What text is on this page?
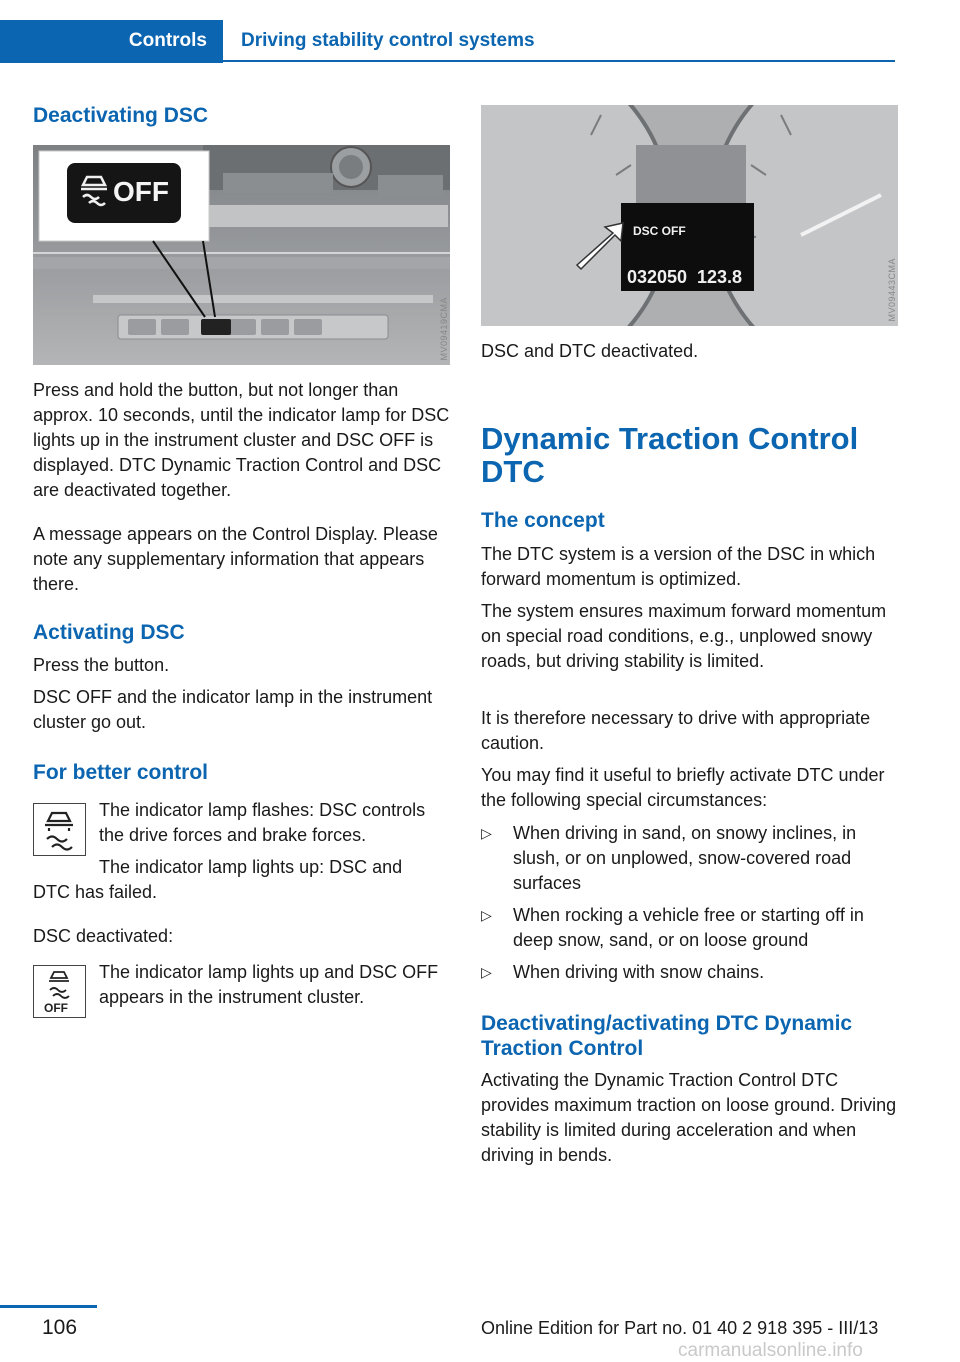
Controls Driving stability control systems
Deactivating DSC
OFF
MV09419CMA

Press and hold the button, but not longer than approx. 10 seconds, until the indicator lamp for DSC lights up in the instrument cluster and DSC OFF is displayed. DTC Dynamic Traction Control and DSC are deactivated together.

A message appears on the Control Display. Please note any supplementary information that appears there.

Activating DSC

Press the button.

DSC OFF and the indicator lamp in the instrument cluster go out.

For better control

The indicator lamp flashes: DSC controls the drive forces and brake forces.

The indicator lamp lights up: DSC and

DTC has failed.

DSC deactivated:

OFF

The indicator lamp lights up and DSC OFF appears in the instrument cluster.

DSC OFF
032050 123.8	MV09443CMA

DSC and DTC deactivated.

Dynamic Traction Control DTC
The concept

The DTC system is a version of the DSC in which forward momentum is optimized.

The system ensures maximum forward momentum on special road conditions, e.g., unplowed snowy roads, but driving stability is limited.

It is therefore necessary to drive with appropriate caution.

You may find it useful to briefly activate DTC under the following special circumstances:

▷ When driving in sand, on snowy inclines, in slush, or on unplowed, snow-covered road surfaces
▷ When rocking a vehicle free or starting off in deep snow, sand, or on loose ground
▷ When driving with snow chains.
Deactivating/activating DTC Dynamic Traction Control

Activating the Dynamic Traction Control DTC provides maximum traction on loose ground. Driving stability is limited during acceleration and when driving in bends.

106	Online Edition for Part no. 01 40 2 918 395 - III/13
carmanualsonline.info
